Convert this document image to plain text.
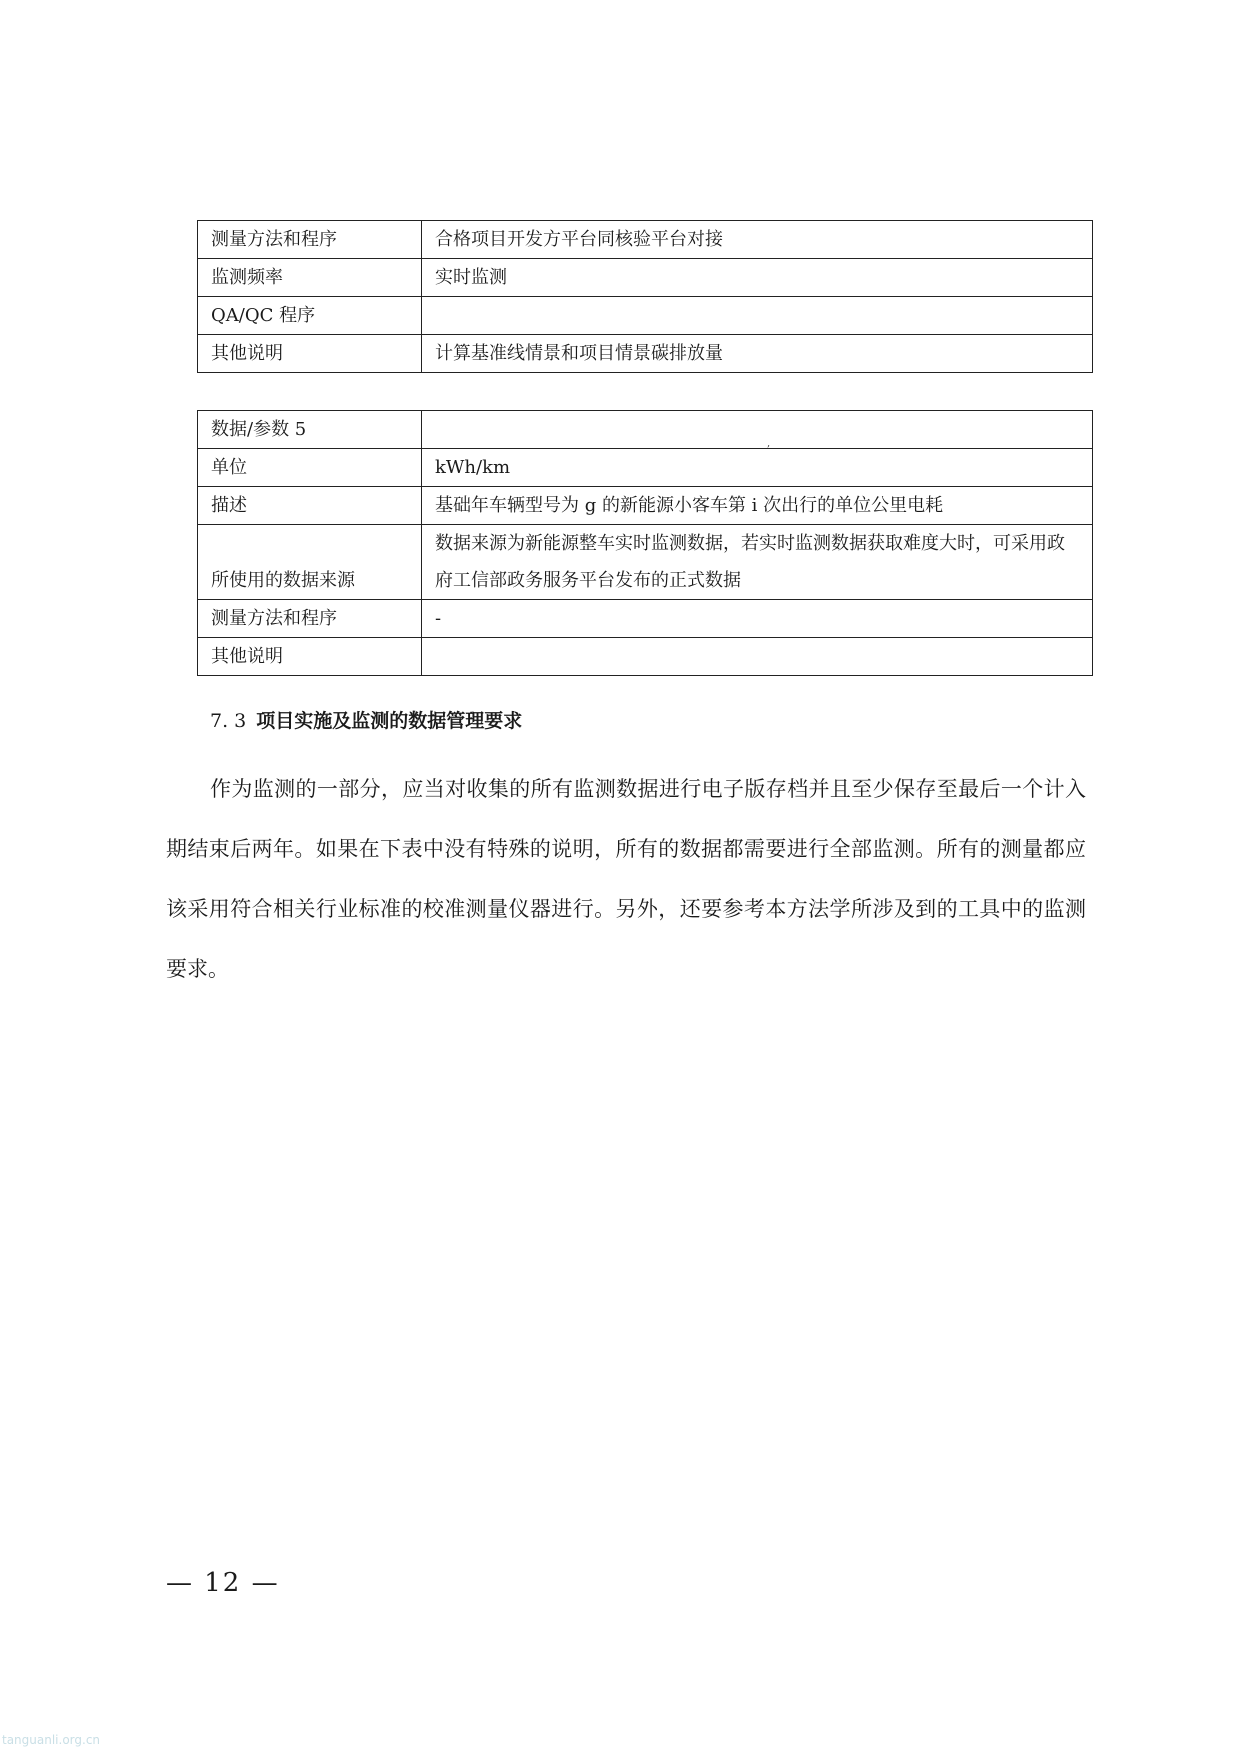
测量方法和程序	合格项目开发方平台同核验平台对接
监测频率	实时监测
QA/QC 程序	
其他说明	计算基准线情景和项目情景碳排放量
,
数据/参数 5	
单位	kWh/km
描述	基础年车辆型号为 g 的新能源小客车第 i 次出行的单位公里电耗
所使用的数据来源	数据来源为新能源整车实时监测数据，若实时监测数据获取难度大时，可采用政府工信部政务服务平台发布的正式数据
测量方法和程序	-
其他说明	
7. 3 项目实施及监测的数据管理要求

作为监测的一部分，应当对收集的所有监测数据进行电子版存档并且至少保存至最后一个计入期结束后两年。如果在下表中没有特殊的说明，所有的数据都需要进行全部监测。所有的测量都应该采用符合相关行业标准的校准测量仪器进行。另外，还要参考本方法学所涉及到的工具中的监测要求。

— 12 —
tanguanli.org.cn
